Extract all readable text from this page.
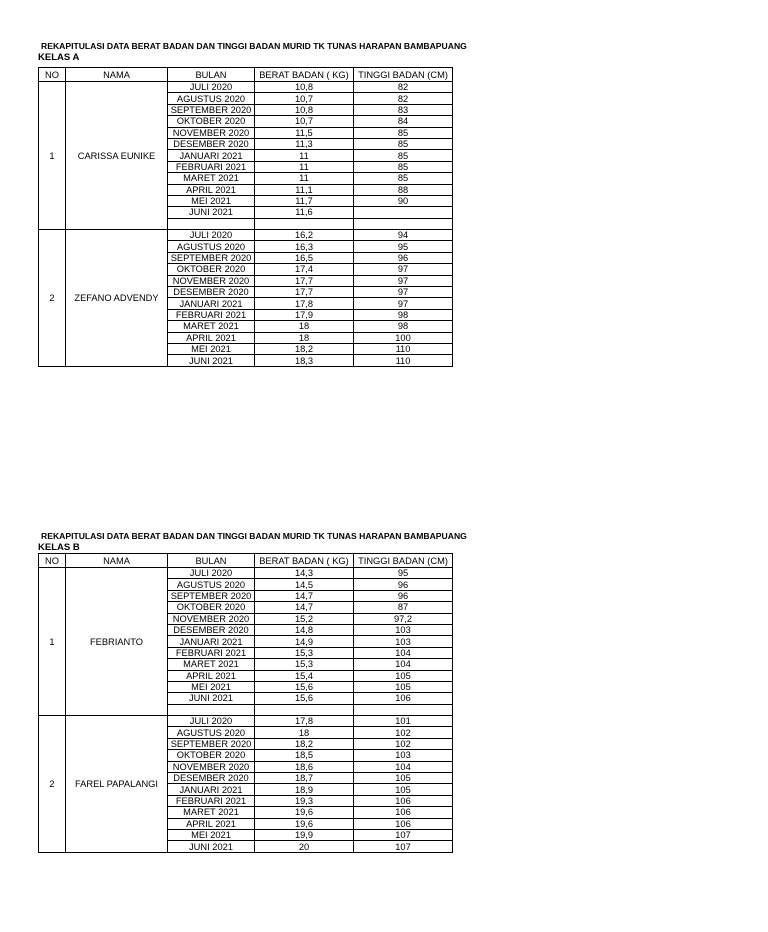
REKAPITULASI DATA BERAT BADAN DAN TINGGI BADAN MURID TK TUNAS HARAPAN BAMBAPUANG
KELAS A
NO	NAMA	BULAN	BERAT BADAN ( KG)	TINGGI BADAN (CM)
1	CARISSA EUNIKE	JULI 2020	10,8	82
		AGUSTUS 2020	10,7	82
		SEPTEMBER 2020	10,8	83
		OKTOBER 2020	10,7	84
		NOVEMBER 2020	11,5	85
		DESEMBER 2020	11,3	85
		JANUARI 2021	11	85
		FEBRUARI 2021	11	85
		MARET 2021	11	85
		APRIL 2021	11,1	88
		MEI 2021	11,7	90
		JUNI 2021	11,6	

2	ZEFANO ADVENDY	JULI 2020	16,2	94
		AGUSTUS 2020	16,3	95
		SEPTEMBER 2020	16,5	96
		OKTOBER 2020	17,4	97
		NOVEMBER 2020	17,7	97
		DESEMBER 2020	17,7	97
		JANUARI 2021	17,8	97
		FEBRUARI 2021	17,9	98
		MARET 2021	18	98
		APRIL 2021	18	100
		MEI 2021	18,2	110
		JUNI 2021	18,3	110
REKAPITULASI DATA BERAT BADAN DAN TINGGI BADAN MURID TK TUNAS HARAPAN BAMBAPUANG
KELAS B
NO	NAMA	BULAN	BERAT BADAN ( KG)	TINGGI BADAN (CM)
1	FEBRIANTO	JULI 2020	14,3	95
		AGUSTUS 2020	14,5	96
		SEPTEMBER 2020	14,7	96
		OKTOBER 2020	14,7	87
		NOVEMBER 2020	15,2	97,2
		DESEMBER 2020	14,8	103
		JANUARI 2021	14,9	103
		FEBRUARI 2021	15,3	104
		MARET 2021	15,3	104
		APRIL 2021	15,4	105
		MEI 2021	15,6	105
		JUNI 2021	15,6	106

2	FAREL PAPALANGI	JULI 2020	17,8	101
		AGUSTUS 2020	18	102
		SEPTEMBER 2020	18,2	102
		OKTOBER 2020	18,5	103
		NOVEMBER 2020	18,6	104
		DESEMBER 2020	18,7	105
		JANUARI 2021	18,9	105
		FEBRUARI 2021	19,3	106
		MARET 2021	19,6	106
		APRIL 2021	19,6	106
		MEI 2021	19,9	107
		JUNI 2021	20	107
